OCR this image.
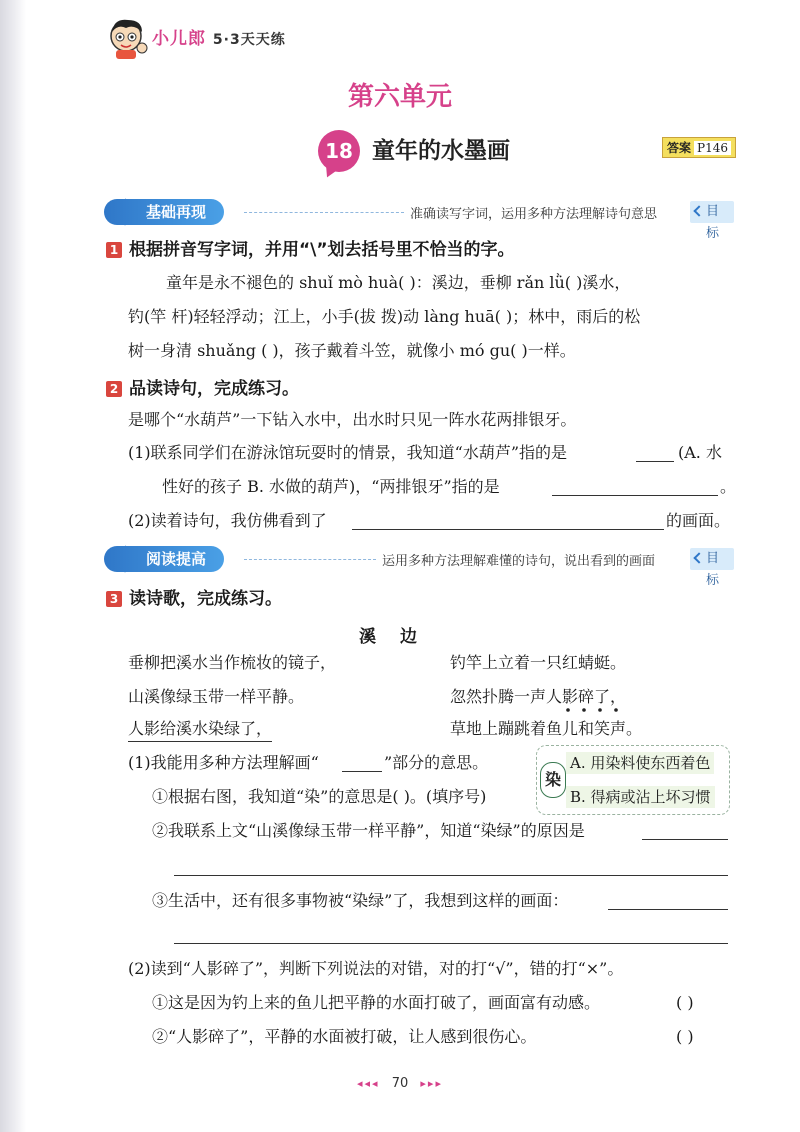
小儿郎 5·3天天练
第六单元
18 童年的水墨画	答案 P146
基础再现	准确读写字词，运用多种方法理解诗句意思	目标
1 根据拼音写字词，并用“\”划去括号里不恰当的字。
童年是永不褪色的 shuǐ mò huà( )：溪边，垂柳 rǎn lǜ( )溪水，
钓(竿 杆)轻轻浮动；江上，小手(拔 拨)动 làng huā( )；林中，雨后的松
树一身清 shuǎng ( )，孩子戴着斗笠，就像小 mó gu( )一样。
2 品读诗句，完成练习。
是哪个“水葫芦”一下钻入水中，出水时只见一阵水花两排银牙。
(1)联系同学们在游泳馆玩耍时的情景，我知道“水葫芦”指的是	(A. 水
性好的孩子 B. 水做的葫芦)，“两排银牙”指的是	。
(2)读着诗句，我仿佛看到了	的画面。
阅读提高	运用多种方法理解难懂的诗句，说出看到的画面	目标
3 读诗歌，完成练习。
溪边
垂柳把溪水当作梳妆的镜子，
山溪像绿玉带一样平静。
人影给溪水染绿了，
钓竿上立着一只红蜻蜓。
忽然扑腾一声人影碎了，
草地上蹦跳着鱼儿和笑声。
(1)我能用多种方法理解画“	”部分的意思。
染
A. 用染料使东西着色
B. 得病或沾上坏习惯
①根据右图，我知道“染”的意思是( )。(填序号)
②我联系上文“山溪像绿玉带一样平静”，知道“染绿”的原因是
③生活中，还有很多事物被“染绿”了，我想到这样的画面：
(2)读到“人影碎了”，判断下列说法的对错，对的打“√”，错的打“×”。
①这是因为钓上来的鱼儿把平静的水面打破了，画面富有动感。	( )
②“人影碎了”，平静的水面被打破，让人感到很伤心。	( )
◂◂◂ 70 ▸▸▸
